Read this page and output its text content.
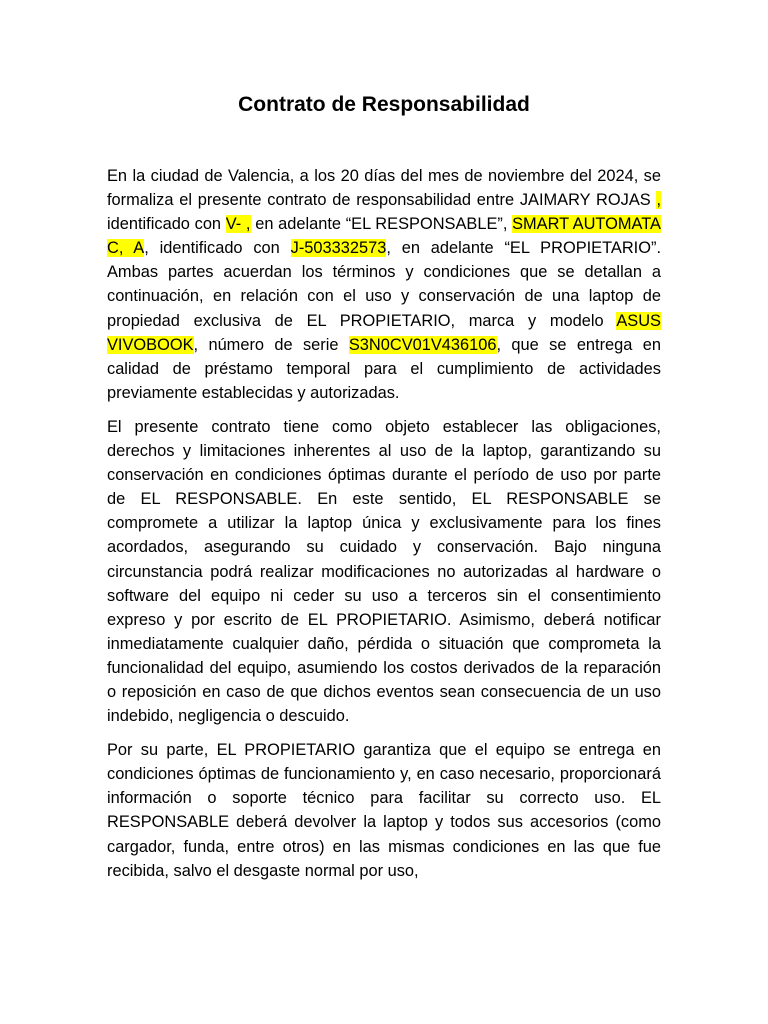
Contrato de Responsabilidad

En la ciudad de Valencia, a los 20 días del mes de noviembre del 2024, se formaliza el presente contrato de responsabilidad entre JAIMARY ROJAS , identificado con V- , en adelante “EL RESPONSABLE”, SMART AUTOMATA C, A, identificado con J-503332573, en adelante “EL PROPIETARIO”. Ambas partes acuerdan los términos y condiciones que se detallan a continuación, en relación con el uso y conservación de una laptop de propiedad exclusiva de EL PROPIETARIO, marca y modelo ASUS VIVOBOOK, número de serie S3N0CV01V436106, que se entrega en calidad de préstamo temporal para el cumplimiento de actividades previamente establecidas y autorizadas.

El presente contrato tiene como objeto establecer las obligaciones, derechos y limitaciones inherentes al uso de la laptop, garantizando su conservación en condiciones óptimas durante el período de uso por parte de EL RESPONSABLE. En este sentido, EL RESPONSABLE se compromete a utilizar la laptop única y exclusivamente para los fines acordados, asegurando su cuidado y conservación. Bajo ninguna circunstancia podrá realizar modificaciones no autorizadas al hardware o software del equipo ni ceder su uso a terceros sin el consentimiento expreso y por escrito de EL PROPIETARIO. Asimismo, deberá notificar inmediatamente cualquier daño, pérdida o situación que comprometa la funcionalidad del equipo, asumiendo los costos derivados de la reparación o reposición en caso de que dichos eventos sean consecuencia de un uso indebido, negligencia o descuido.

Por su parte, EL PROPIETARIO garantiza que el equipo se entrega en condiciones óptimas de funcionamiento y, en caso necesario, proporcionará información o soporte técnico para facilitar su correcto uso. EL RESPONSABLE deberá devolver la laptop y todos sus accesorios (como cargador, funda, entre otros) en las mismas condiciones en las que fue recibida, salvo el desgaste normal por uso,
